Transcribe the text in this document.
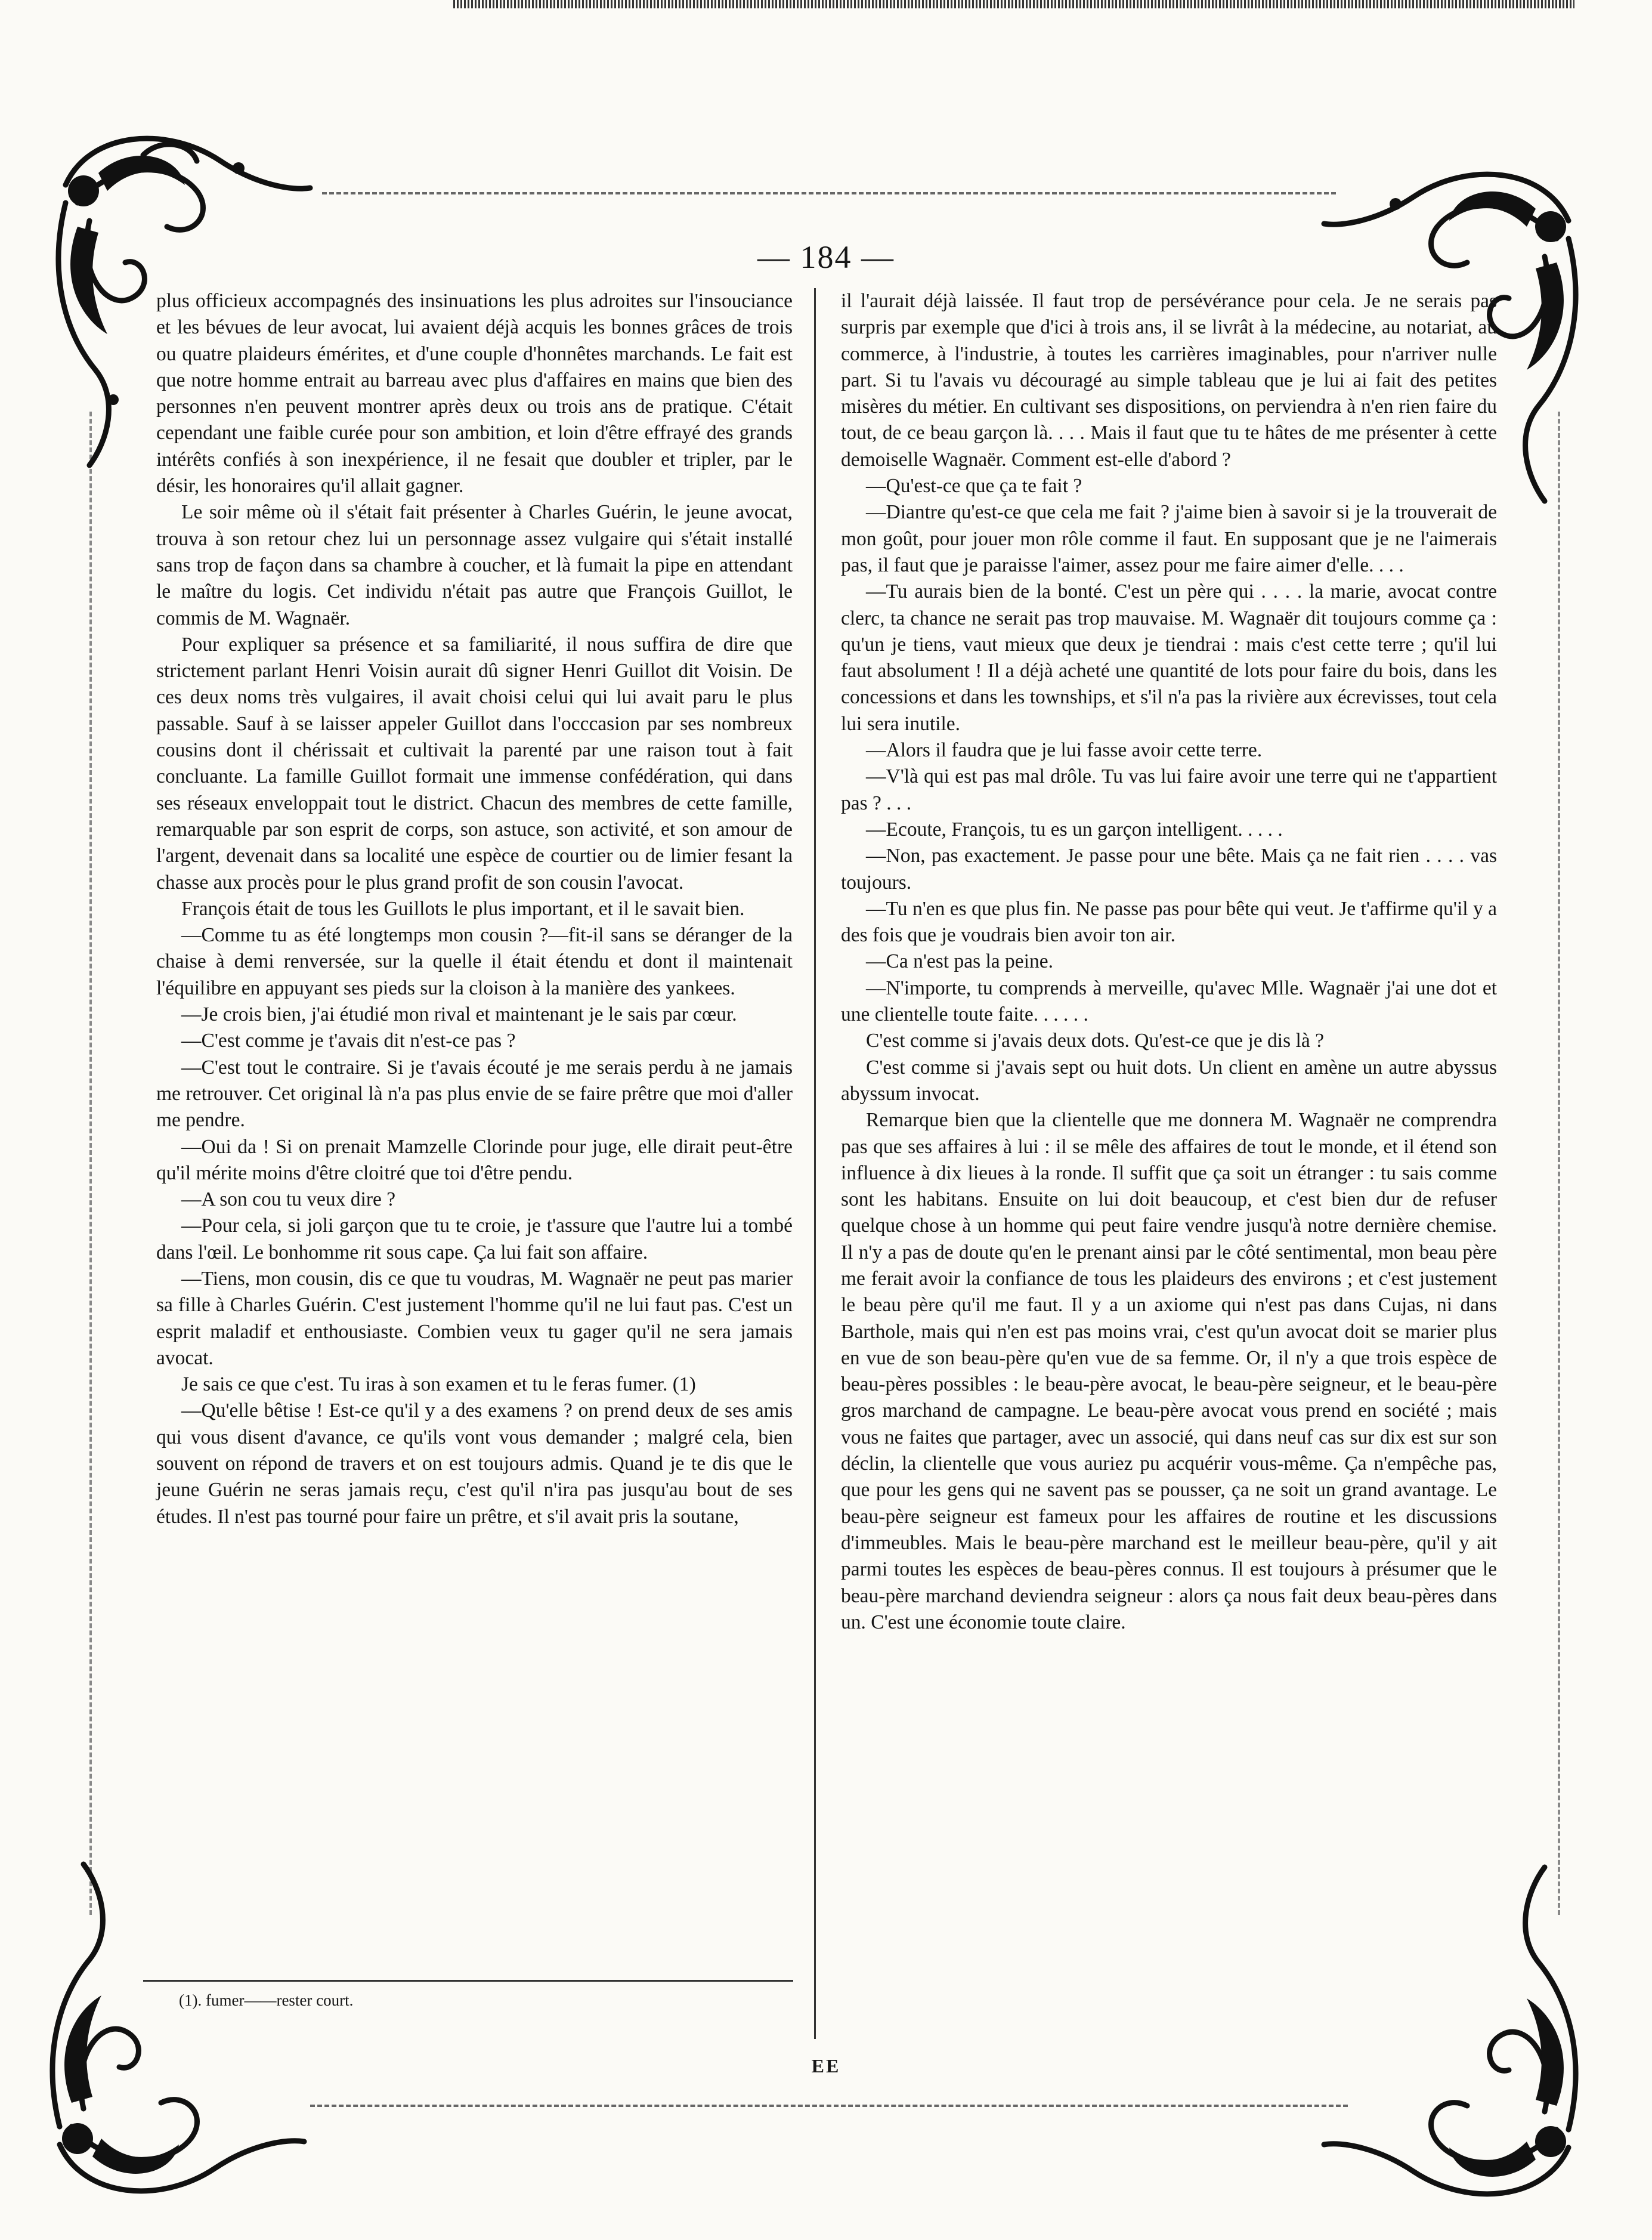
— 184 —

plus officieux accompagnés des insinuations les plus adroites sur l'insouciance et les bévues de leur avocat, lui avaient déjà acquis les bonnes grâces de trois ou quatre plaideurs émérites, et d'une couple d'honnêtes marchands. Le fait est que notre homme entrait au barreau avec plus d'affaires en mains que bien des personnes n'en peuvent montrer après deux ou trois ans de pratique. C'était cependant une faible curée pour son ambition, et loin d'être effrayé des grands intérêts confiés à son inexpérience, il ne fesait que doubler et tripler, par le désir, les honoraires qu'il allait gagner.

Le soir même où il s'était fait présenter à Charles Guérin, le jeune avocat, trouva à son retour chez lui un personnage assez vulgaire qui s'était installé sans trop de façon dans sa chambre à coucher, et là fumait la pipe en attendant le maître du logis. Cet individu n'était pas autre que François Guillot, le commis de M. Wagnaër.

Pour expliquer sa présence et sa familiarité, il nous suffira de dire que strictement parlant Henri Voisin aurait dû signer Henri Guillot dit Voisin. De ces deux noms très vulgaires, il avait choisi celui qui lui avait paru le plus passable. Sauf à se laisser appeler Guillot dans l'occcasion par ses nombreux cousins dont il chérissait et cultivait la parenté par une raison tout à fait concluante. La famille Guillot formait une immense confédération, qui dans ses réseaux enveloppait tout le district. Chacun des membres de cette famille, remarquable par son esprit de corps, son astuce, son activité, et son amour de l'argent, devenait dans sa localité une espèce de courtier ou de limier fesant la chasse aux procès pour le plus grand profit de son cousin l'avocat.

François était de tous les Guillots le plus important, et il le savait bien.

—Comme tu as été longtemps mon cousin ?—fit-il sans se déranger de la chaise à demi renversée, sur la quelle il était étendu et dont il maintenait l'équilibre en appuyant ses pieds sur la cloison à la manière des yankees.

—Je crois bien, j'ai étudié mon rival et maintenant je le sais par cœur.

—C'est comme je t'avais dit n'est-ce pas ?

—C'est tout le contraire. Si je t'avais écouté je me serais perdu à ne jamais me retrouver. Cet original là n'a pas plus envie de se faire prêtre que moi d'aller me pendre.

—Oui da ! Si on prenait Mamzelle Clorinde pour juge, elle dirait peut-être qu'il mérite moins d'être cloitré que toi d'être pendu.

—A son cou tu veux dire ?

—Pour cela, si joli garçon que tu te croie, je t'assure que l'autre lui a tombé dans l'œil. Le bonhomme rit sous cape. Ça lui fait son affaire.

—Tiens, mon cousin, dis ce que tu voudras, M. Wagnaër ne peut pas marier sa fille à Charles Guérin. C'est justement l'homme qu'il ne lui faut pas. C'est un esprit maladif et enthousiaste. Combien veux tu gager qu'il ne sera jamais avocat.

Je sais ce que c'est. Tu iras à son examen et tu le feras fumer. (1)

—Qu'elle bêtise ! Est-ce qu'il y a des examens ? on prend deux de ses amis qui vous disent d'avance, ce qu'ils vont vous demander ; malgré cela, bien souvent on répond de travers et on est toujours admis. Quand je te dis que le jeune Guérin ne seras jamais reçu, c'est qu'il n'ira pas jusqu'au bout de ses études. Il n'est pas tourné pour faire un prêtre, et s'il avait pris la soutane,

il l'aurait déjà laissée. Il faut trop de persévérance pour cela. Je ne serais pas surpris par exemple que d'ici à trois ans, il se livrât à la médecine, au notariat, au commerce, à l'industrie, à toutes les carrières imaginables, pour n'arriver nulle part. Si tu l'avais vu découragé au simple tableau que je lui ai fait des petites misères du métier. En cultivant ses dispositions, on perviendra à n'en rien faire du tout, de ce beau garçon là. . . . Mais il faut que tu te hâtes de me présenter à cette demoiselle Wagnaër. Comment est-elle d'abord ?

—Qu'est-ce que ça te fait ?

—Diantre qu'est-ce que cela me fait ? j'aime bien à savoir si je la trouverait de mon goût, pour jouer mon rôle comme il faut. En supposant que je ne l'aimerais pas, il faut que je paraisse l'aimer, assez pour me faire aimer d'elle. . . .

—Tu aurais bien de la bonté. C'est un père qui . . . . la marie, avocat contre clerc, ta chance ne serait pas trop mauvaise. M. Wagnaër dit toujours comme ça : qu'un je tiens, vaut mieux que deux je tiendrai : mais c'est cette terre ; qu'il lui faut absolument ! Il a déjà acheté une quantité de lots pour faire du bois, dans les concessions et dans les townships, et s'il n'a pas la rivière aux écrevisses, tout cela lui sera inutile.

—Alors il faudra que je lui fasse avoir cette terre.

—V'là qui est pas mal drôle. Tu vas lui faire avoir une terre qui ne t'appartient pas ? . . .

—Ecoute, François, tu es un garçon intelligent. . . . .

—Non, pas exactement. Je passe pour une bête. Mais ça ne fait rien . . . . vas toujours.

—Tu n'en es que plus fin. Ne passe pas pour bête qui veut. Je t'affirme qu'il y a des fois que je voudrais bien avoir ton air.

—Ca n'est pas la peine.

—N'importe, tu comprends à merveille, qu'avec Mlle. Wagnaër j'ai une dot et une clientelle toute faite. . . . . .

C'est comme si j'avais deux dots. Qu'est-ce que je dis là ?

C'est comme si j'avais sept ou huit dots. Un client en amène un autre abyssus abyssum invocat.

Remarque bien que la clientelle que me donnera M. Wagnaër ne comprendra pas que ses affaires à lui : il se mêle des affaires de tout le monde, et il étend son influence à dix lieues à la ronde. Il suffit que ça soit un étranger : tu sais comme sont les habitans. Ensuite on lui doit beaucoup, et c'est bien dur de refuser quelque chose à un homme qui peut faire vendre jusqu'à notre dernière chemise. Il n'y a pas de doute qu'en le prenant ainsi par le côté sentimental, mon beau père me ferait avoir la confiance de tous les plaideurs des environs ; et c'est justement le beau père qu'il me faut. Il y a un axiome qui n'est pas dans Cujas, ni dans Barthole, mais qui n'en est pas moins vrai, c'est qu'un avocat doit se marier plus en vue de son beau-père qu'en vue de sa femme. Or, il n'y a que trois espèce de beau-pères possibles : le beau-père avocat, le beau-père seigneur, et le beau-père gros marchand de campagne. Le beau-père avocat vous prend en société ; mais vous ne faites que partager, avec un associé, qui dans neuf cas sur dix est sur son déclin, la clientelle que vous auriez pu acquérir vous-même. Ça n'empêche pas, que pour les gens qui ne savent pas se pousser, ça ne soit un grand avantage. Le beau-père seigneur est fameux pour les affaires de routine et les discussions d'immeubles. Mais le beau-père marchand est le meilleur beau-père, qu'il y ait parmi toutes les espèces de beau-pères connus. Il est toujours à présumer que le beau-père marchand deviendra seigneur : alors ça nous fait deux beau-pères dans un. C'est une économie toute claire.

(1). fumer——rester court.
EE
